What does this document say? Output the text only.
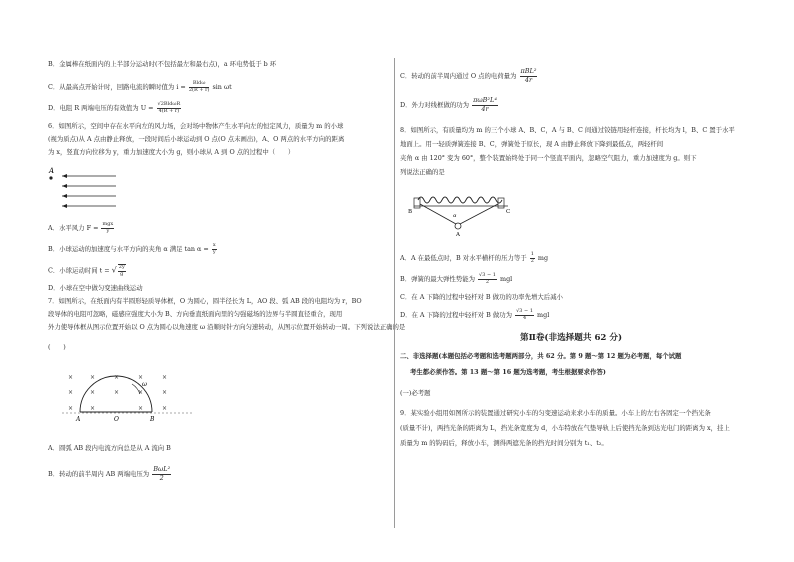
B．金属棒在纸面内的上半部分运动时(不包括最左和最右点)，a 环电势低于 b 环
C．从最高点开始计时，回路电流的瞬时值为 $i = \frac{\text{Bldω}}{2(R + r)}$ sin ωt
D．电阻 R 两端电压的有效值为 $U = \frac{\text{√2BldωR}}{4(R + r)}$
6．如图所示，空间中存在水平向左的风力场，会对场中物体产生水平向左的恒定风力，质量为 m 的小球
(视为质点)从 A 点由静止释放，一段时间后小球运动到 O 点(O 点未画出)，A、O 两点的水平方向的距离
为 x，竖直方向位移为 y，重力加速度大小为 g，则小球从 A 到 O 点的过程中（　　）
A
A．水平风力 $F = \frac{\text{mgx}}{y}$
B．小球运动的加速度与水平方向的夹角 α 满足 $\tan \alpha = \frac{x}{y}$
C．小球运动时间 t = √ $\frac{2y}{g}$
D．小球在空中做匀变速曲线运动
7．如图所示，在纸面内有半圆形轻质导体框，O 为圆心，圆半径长为 L，AO 段、弧 AB 段的电阻均为 r，BO
段导体的电阻可忽略，磁感应强度大小为 B、方向垂直纸面向里的匀强磁场的边界与半圆直径重合，现用
外力使导体框从图示位置开始以 O 点为圆心以角速度 ω 沿顺时针方向匀速转动，从图示位置开始转动一周。下列说法正确的是
(　　)
×	×	×	×	×
×	×	×	×	×
×	×	×	×
ω
A	O	B
A．圆弧 AB 段内电流方向总是从 A 流向 B
B．转动的前半周内 AB 两端电压为 $\frac{\text{BωL²}}{2}$
C．转动的前半周内通过 O 点的电荷量为 $\frac{\text{πBL²}}{4r}$
D．外力对线框做的功为 $\frac{\text{πωB²L⁴}}{4r}$
8．如图所示，有质量均为 m 的三个小球 A、B、C，A 与 B、C 间通过铰链用轻杆连接，杆长均为 l，B、C 置于水平
地面上。用一轻质弹簧连接 B、C，弹簧处于原长，现 A 由静止释放下降到最低点，两轻杆间
夹角 α 由 120° 变为 60°，整个装置始终处于同一个竖直平面内，忽略空气阻力，重力加速度为 g。则下
列说法正确的是
α
B	C
A
A．A 在最低点时，B 对水平横杆的压力等于 $\frac{1}{2}$ mg
B．弹簧的最大弹性势能为 $\frac{√3 - 1}{2}$ mgl
C．在 A 下降的过程中轻杆对 B 做功的功率先增大后减小
D．在 A 下降的过程中轻杆对 B 做功为 $\frac{√3 - 1}{4}$ mgl
第Ⅱ卷(非选择题共 62 分)
二、非选择题(本题包括必考题和选考题两部分，共 62 分。第 9 题～第 12 题为必考题，每个试题
考生都必须作答。第 13 题～第 16 题为选考题，考生根据要求作答)
(一)必考题
9．某实验小组用如图所示的装置通过研究小车的匀变速运动来求小车的质量。小车上的左右各固定一个挡光条
(质量不计)，两挡光条的距离为 L，挡光条宽度为 d，小车特放在气垫导轨上后使挡光条到达光电门的距离为 x，挂上
质量为 m 的钩码后，释放小车，测得两遮光条的挡光时间分别为 t₁、t₂。
